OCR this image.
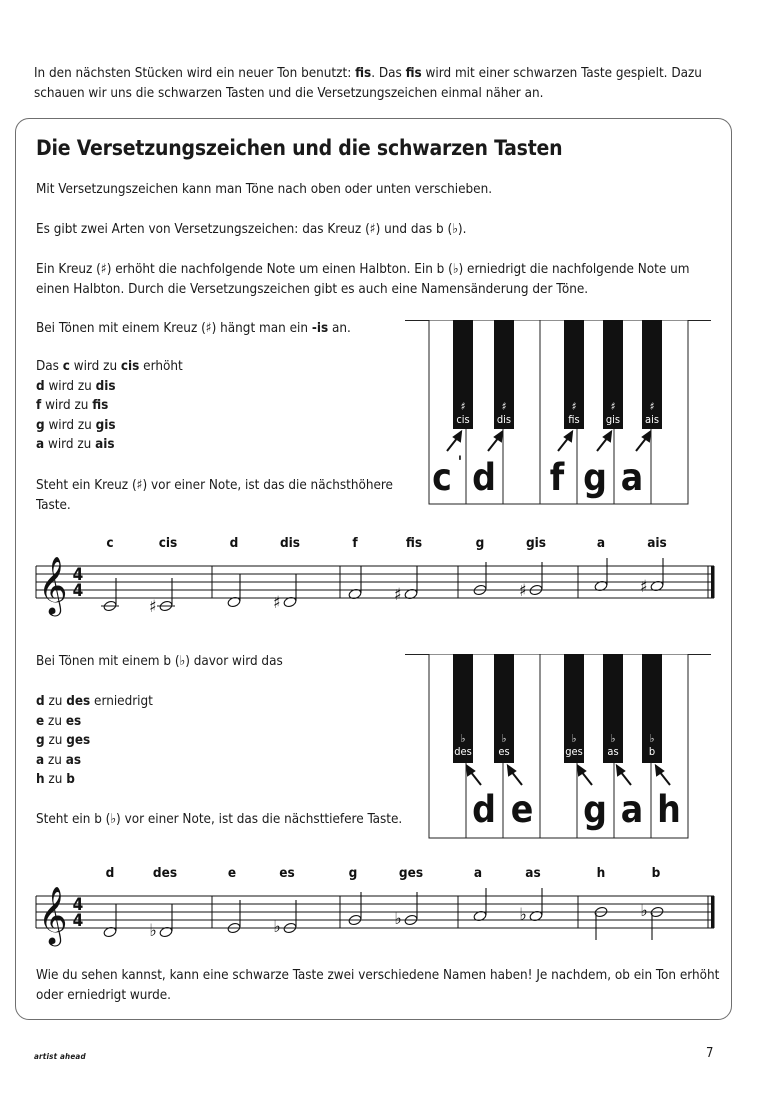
In den nächsten Stücken wird ein neuer Ton benutzt: fis. Das fis wird mit einer schwarzen Taste gespielt. Dazu schauen wir uns die schwarzen Tasten und die Versetzungszeichen einmal näher an.

Die Versetzungszeichen und die schwarzen Tasten

Mit Versetzungszeichen kann man Töne nach oben oder unten verschieben.

Es gibt zwei Arten von Versetzungszeichen: das Kreuz (♯) und das b (♭).

Ein Kreuz (♯) erhöht die nachfolgende Note um einen Halbton. Ein b (♭) erniedrigt die nachfolgende Note um einen Halbton. Durch die Versetzungszeichen gibt es auch eine Namensänderung der Töne.

Bei Tönen mit einem Kreuz (♯) hängt man ein -is an.

Das c wird zu cis erhöht
d wird zu dis
f wird zu fis
g wird zu gis
a wird zu ais

Steht ein Kreuz (♯) vor einer Note, ist das die nächsthöhere Taste.

♯
cis
♯
dis
♯
fis
♯
gis
♯
ais
c ' d f g a
c	cis	d	dis	f	fis	g	gis	a	ais
𝄞 4
4
♯	♯	♯	♯	♯

Bei Tönen mit einem b (♭) davor wird das

d zu des erniedrigt
e zu es
g zu ges
a zu as
h zu b

Steht ein b (♭) vor einer Note, ist das die nächsttiefere Taste.

♭
des
♭
es
♭
ges
♭
as
♭
b
d e g a h
d	des	e	es	g	ges	a	as	h	b
𝄞 4
4	♭	♭	♭	♭	♭

Wie du sehen kannst, kann eine schwarze Taste zwei verschiedene Namen haben! Je nachdem, ob ein Ton erhöht oder erniedrigt wurde.

artist ahead	7
